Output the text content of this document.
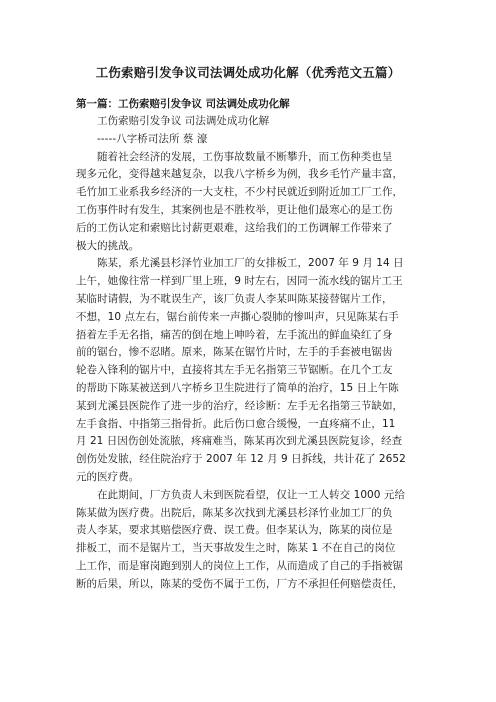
工伤索赔引发争议司法调处成功化解（优秀范文五篇）
第一篇：工伤索赔引发争议 司法调处成功化解
工伤索赔引发争议 司法调处成功化解
-----八字桥司法所 蔡 濠
随着社会经济的发展，工伤事故数量不断攀升，而工伤种类也呈
现多元化，变得越来越复杂，以我八字桥乡为例，我乡毛竹产量丰富，
毛竹加工业系我乡经济的一大支柱，不少村民就近到附近加工厂工作，
工伤事件时有发生，其案例也是不胜枚举，更让他们最寒心的是工伤
后的工伤认定和索赔比讨薪更艰难，这给我们的工伤调解工作带来了
极大的挑战。
陈某，系尤溪县杉泽竹业加工厂的女排板工，2007 年 9 月 14 日
上午，她像往常一样到厂里上班，9 时左右，因同一流水线的锯片工王
某临时请假，为不耽误生产，该厂负责人李某叫陈某接替锯片工作，
不想，10 点左右，锯台前传来一声撕心裂肺的惨叫声，只见陈某右手
捂着左手无名指，痛苦的倒在地上呻吟着，左手流出的鲜血染红了身
前的锯台，惨不忍睹。原来，陈某在锯竹片时，左手的手套被电锯齿
轮卷入锋利的锯片中，直接将其左手无名指第三节锯断。在几个工友
的帮助下陈某被送到八字桥乡卫生院进行了简单的治疗，15 日上午陈
某到尤溪县医院作了进一步的治疗，经诊断：左手无名指第三节缺如，
左手食指、中指第三指骨折。此后伤口愈合缓慢，一直疼痛不止，11
月 21 日因伤创处流脓，疼痛难当，陈某再次到尤溪县医院复诊，经查
创伤处发脓，经住院治疗于 2007 年 12 月 9 日拆线，共计花了 2652
元的医疗费。
在此期间，厂方负责人未到医院看望，仅让一工人转交 1000 元给
陈某做为医疗费。出院后，陈某多次找到尤溪县杉泽竹业加工厂的负
责人李某，要求其赔偿医疗费、误工费。但李某认为，陈某的岗位是
排板工，而不是锯片工，当天事故发生之时，陈某 1 不在自己的岗位
上工作，而是窜岗跑到别人的岗位上工作，从而造成了自己的手指被锯
断的后果，所以，陈某的受伤不属于工伤，厂方不承担任何赔偿责任，
